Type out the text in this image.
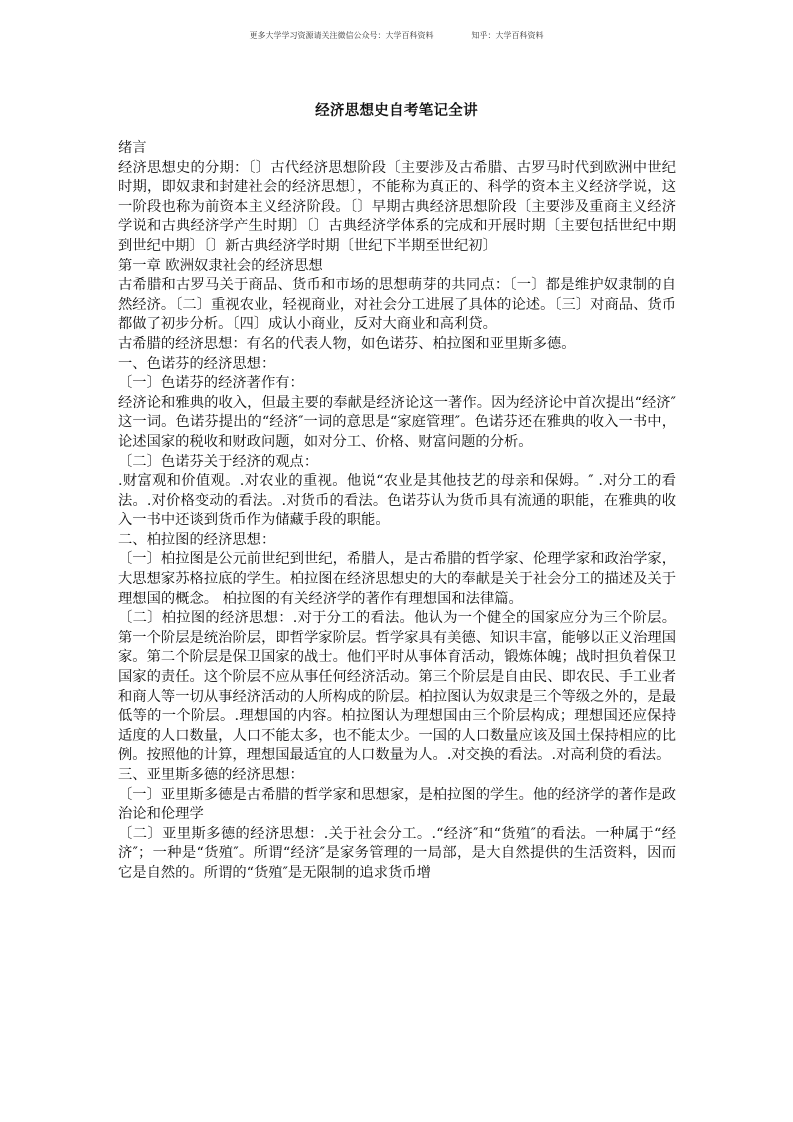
更多大学学习资源请关注微信公众号：大学百科资料	知乎：大学百科资料
经济思想史自考笔记全讲

绪言

经济思想史的分期：〔〕古代经济思想阶段〔主要涉及古希腊、古罗马时代到欧洲中世纪时期，即奴隶和封建社会的经济思想〕，不能称为真正的、科学的资本主义经济学说，这一阶段也称为前资本主义经济阶段。〔〕早期古典经济思想阶段〔主要涉及重商主义经济学说和古典经济学产生时期〕〔〕古典经济学体系的完成和开展时期〔主要包括世纪中期到世纪中期〕〔〕新古典经济学时期〔世纪下半期至世纪初〕

第一章 欧洲奴隶社会的经济思想

古希腊和古罗马关于商品、货币和市场的思想萌芽的共同点：〔一〕都是维护奴隶制的自然经济。〔二〕重视农业，轻视商业，对社会分工进展了具体的论述。〔三〕对商品、货币都做了初步分析。〔四〕成认小商业，反对大商业和高利贷。

古希腊的经济思想：有名的代表人物，如色诺芬、柏拉图和亚里斯多德。

一、色诺芬的经济思想：

〔一〕色诺芬的经济著作有：

经济论和雅典的收入，但最主要的奉献是经济论这一著作。因为经济论中首次提出“经济″这一词。色诺芬提出的“经济″一词的意思是“家庭管理″。色诺芬还在雅典的收入一书中，论述国家的税收和财政问题，如对分工、价格、财富问题的分析。

〔二〕色诺芬关于经济的观点：

.财富观和价值观。.对农业的重视。他说“农业是其他技艺的母亲和保姆。″ .对分工的看法。.对价格变动的看法。.对货币的看法。色诺芬认为货币具有流通的职能，在雅典的收入一书中还谈到货币作为储藏手段的职能。

二、柏拉图的经济思想：

〔一〕柏拉图是公元前世纪到世纪，希腊人，是古希腊的哲学家、伦理学家和政治学家，大思想家苏格拉底的学生。柏拉图在经济思想史的大的奉献是关于社会分工的描述及关于理想国的概念。 柏拉图的有关经济学的著作有理想国和法律篇。

〔二〕柏拉图的经济思想：.对于分工的看法。他认为一个健全的国家应分为三个阶层。第一个阶层是统治阶层，即哲学家阶层。哲学家具有美德、知识丰富，能够以正义治理国家。第二个阶层是保卫国家的战士。他们平时从事体育活动，锻炼体魄；战时担负着保卫国家的责任。这个阶层不应从事任何经济活动。第三个阶层是自由民、即农民、手工业者和商人等一切从事经济活动的人所构成的阶层。柏拉图认为奴隶是三个等级之外的，是最低等的一个阶层。.理想国的内容。柏拉图认为理想国由三个阶层构成；理想国还应保持适度的人口数量，人口不能太多，也不能太少。一国的人口数量应该及国土保持相应的比例。按照他的计算，理想国最适宜的人口数量为人。.对交换的看法。.对高利贷的看法。

三、亚里斯多德的经济思想：

〔一〕亚里斯多德是古希腊的哲学家和思想家，是柏拉图的学生。他的经济学的著作是政治论和伦理学

〔二〕亚里斯多德的经济思想：.关于社会分工。.“经济″和“货殖″的看法。一种属于“经济″；一种是“货殖″。所谓“经济″是家务管理的一局部，是大自然提供的生活资料，因而它是自然的。所谓的“货殖″是无限制的追求货币增
